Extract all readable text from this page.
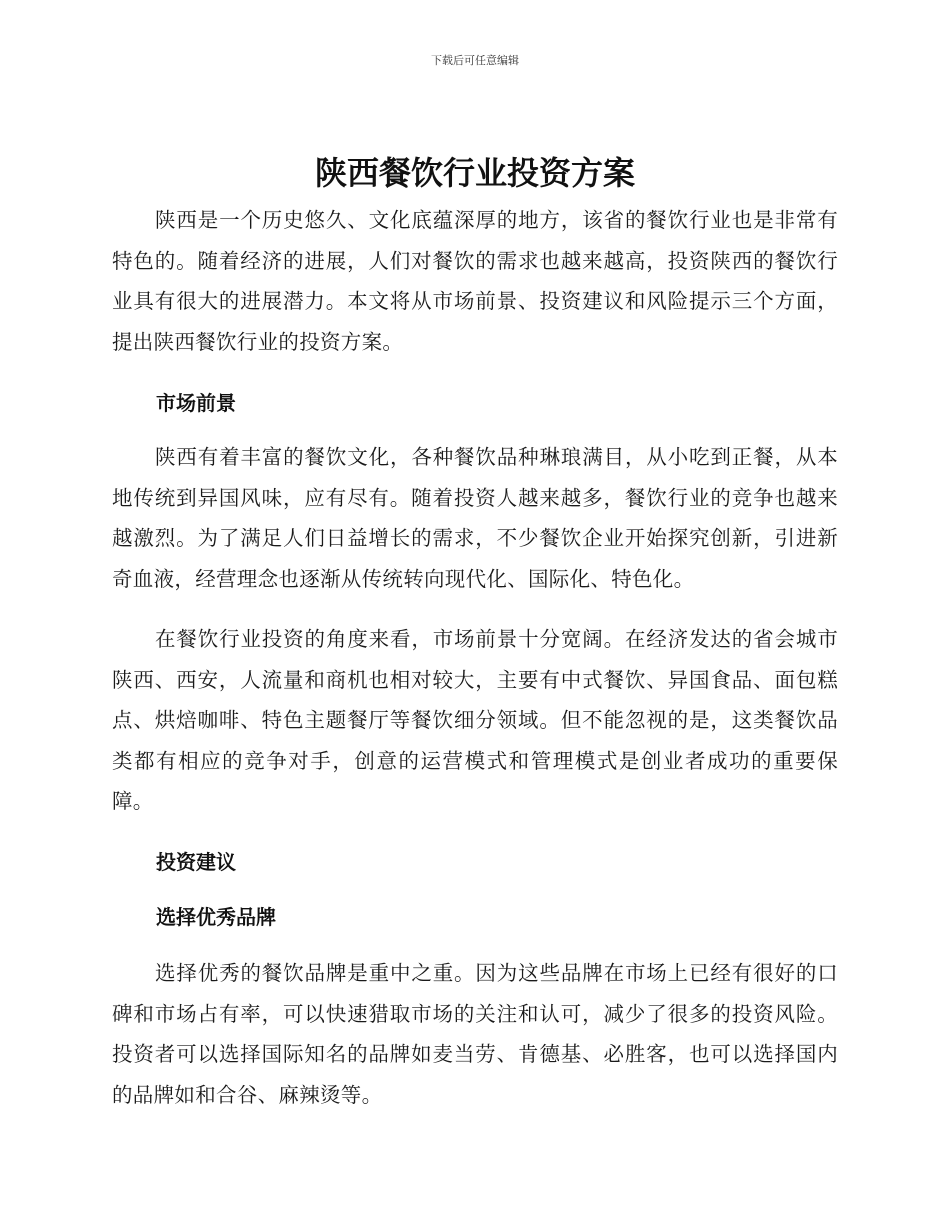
下载后可任意编辑
陕西餐饮行业投资方案

陕西是一个历史悠久、文化底蕴深厚的地方，该省的餐饮行业也是非常有特色的。随着经济的进展，人们对餐饮的需求也越来越高，投资陕西的餐饮行业具有很大的进展潜力。本文将从市场前景、投资建议和风险提示三个方面，提出陕西餐饮行业的投资方案。

市场前景

陕西有着丰富的餐饮文化，各种餐饮品种琳琅满目，从小吃到正餐，从本地传统到异国风味，应有尽有。随着投资人越来越多，餐饮行业的竞争也越来越激烈。为了满足人们日益增长的需求，不少餐饮企业开始探究创新，引进新奇血液，经营理念也逐渐从传统转向现代化、国际化、特色化。

在餐饮行业投资的角度来看，市场前景十分宽阔。在经济发达的省会城市陕西、西安，人流量和商机也相对较大，主要有中式餐饮、异国食品、面包糕点、烘焙咖啡、特色主题餐厅等餐饮细分领域。但不能忽视的是，这类餐饮品类都有相应的竞争对手，创意的运营模式和管理模式是创业者成功的重要保障。

投资建议
选择优秀品牌

选择优秀的餐饮品牌是重中之重。因为这些品牌在市场上已经有很好的口碑和市场占有率，可以快速猎取市场的关注和认可，减少了很多的投资风险。投资者可以选择国际知名的品牌如麦当劳、肯德基、必胜客，也可以选择国内的品牌如和合谷、麻辣烫等。
